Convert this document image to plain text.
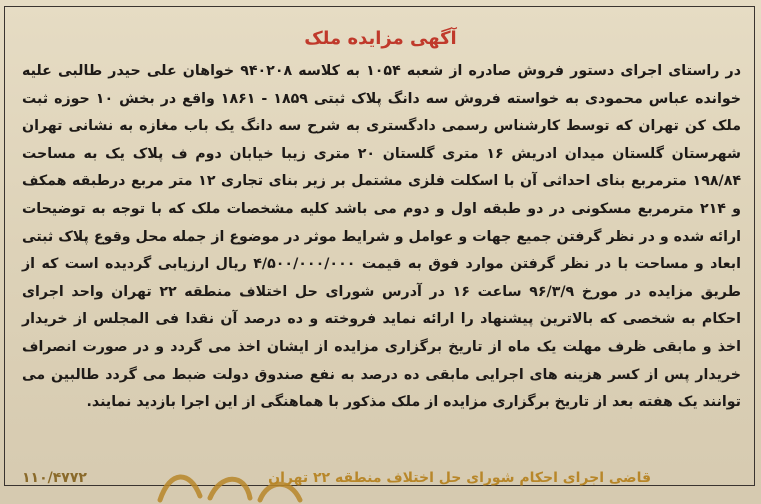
آگهی مزایده ملک
در راستای اجرای دستور فروش صادره از شعبه ۱۰۵۴ به کلاسه ۹۴۰۲۰۸ خواهان علی حیدر طالبی علیه خوانده عباس محمودی به خواسته فروش سه دانگ پلاک ثبتی ۱۸۵۹ - ۱۸۶۱ واقع در بخش ۱۰ حوزه ثبت ملک کن تهران که توسط کارشناس رسمی دادگستری به شرح سه دانگ یک باب مغازه به نشانی تهران شهرستان گلستان میدان ادریش ۱۶ متری گلستان ۲۰ متری زیبا خیابان دوم ف پلاک یک به مساحت ۱۹۸/۸۴ مترمربع بنای احداثی آن با اسکلت فلزی مشتمل بر زیر بنای تجاری ۱۲ متر مربع درطبقه همکف و ۲۱۴ مترمربع مسکونی در دو طبقه اول و دوم می باشد کلیه مشخصات ملک که با توجه به توضیحات ارائه شده و در نظر گرفتن جمیع جهات و عوامل و شرایط موثر در موضوع از جمله محل وقوع پلاک ثبتی ابعاد و مساحت با در نظر گرفتن موارد فوق به قیمت ۴/۵۰۰/۰۰۰/۰۰۰ ریال ارزیابی گردیده است که از طریق مزایده در مورخ ۹۶/۳/۹ ساعت ۱۶ در آدرس شورای حل اختلاف منطقه ۲۲ تهران واحد اجرای احکام به شخصی که بالاترین پیشنهاد را ارائه نماید فروخته و ده درصد آن نقدا فی المجلس از خریدار اخذ و مابقی ظرف مهلت یک ماه از تاریخ برگزاری مزایده از ایشان اخذ می گردد و در صورت انصراف خریدار پس از کسر هزینه های اجرایی مابقی ده درصد به نفع صندوق دولت ضبط می گردد طالبین می توانند یک هفته بعد از تاریخ برگزاری مزایده از ملک مذکور با هماهنگی از این اجرا بازدید نمایند.
قاضی اجرای احکام شورای حل اختلاف منطقه ۲۲ تهران
۱۱۰/۴۷۷۲
